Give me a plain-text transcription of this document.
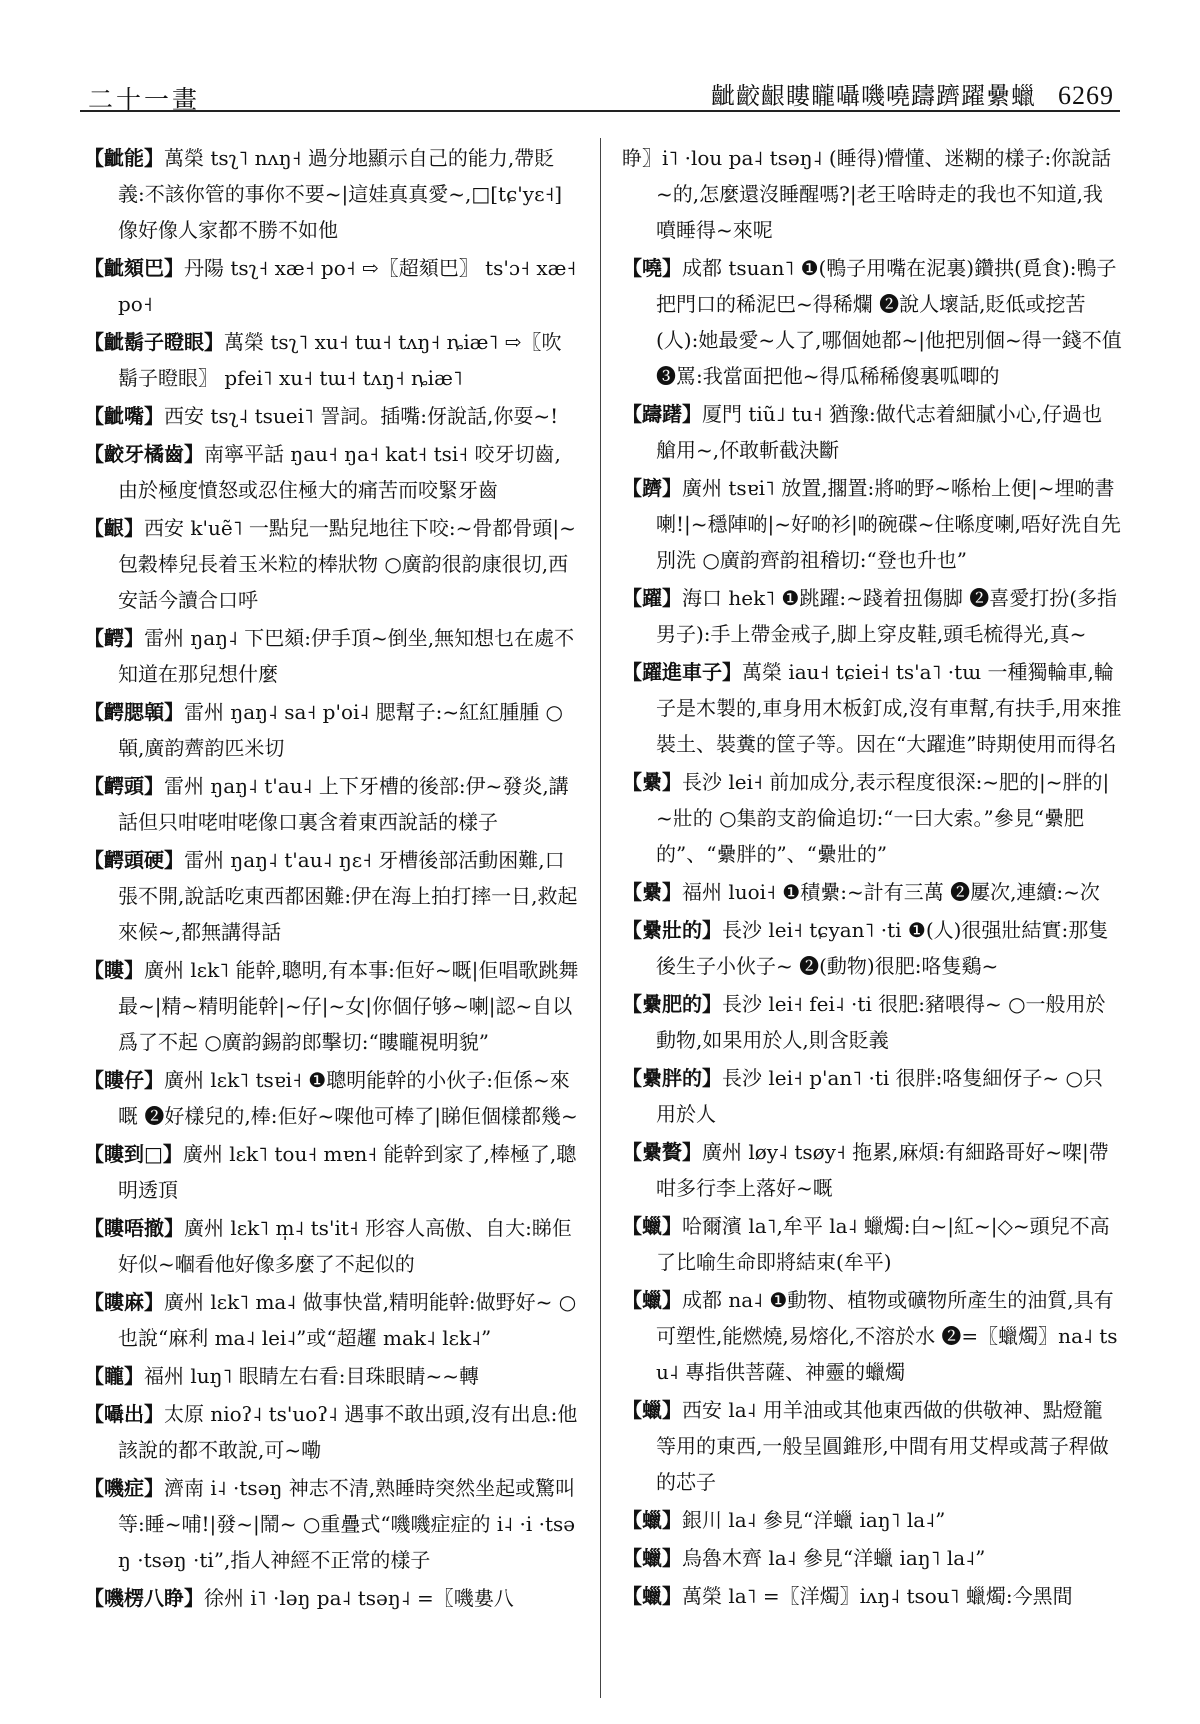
二十一畫	齜齩齦瞜矓囁嘰嘵躊躋躍纍蠟 6269
【齜能】萬榮 tsʅ˥ nʌŋ˧ 過分地顯示自己的能力,帶貶義:不該你管的事你不要~|這娃真真愛~,□[tɕ'yɛ˧]像好像人家都不勝不如他
【齜頦巴】丹陽 tsʅ˧ xæ˧ po˧ ⇨〖超頦巴〗 ts'ɔ˧ xæ˧ po˧
【齜鬍子瞪眼】萬榮 tsʅ˥ xu˧ tɯ˧ tʌŋ˧ ȵiæ˥ ⇨〖吹鬍子瞪眼〗 pfei˥ xu˧ tɯ˧ tʌŋ˧ ȵiæ˥
【齜嘴】西安 tsʅ˨ tsuei˥ 詈詞。插嘴:伢說話,你耍~!
【齩牙橘齒】南寧平話 ŋau˧ ŋa˧ kat˧ tsi˧ 咬牙切齒,由於極度憤怒或忍住極大的痛苦而咬緊牙齒
【齦】西安 k'uẽ˥ 一點兒一點兒地往下咬:~骨都骨頭|~包穀棒兒長着玉米粒的棒狀物 ○廣韵很韵康很切,西安話今讀合口呼
【齶】雷州 ŋaŋ˨ 下巴頦:伊手頂~倒坐,無知想乜在處不知道在那兒想什麼
【齶腮顊】雷州 ŋaŋ˨ sa˧ p'oi˨ 腮幫子:~紅紅腫腫 ○顊,廣韵薺韵匹米切
【齶頭】雷州 ŋaŋ˨ t'au˨ 上下牙槽的後部:伊~發炎,講話但只咁咾咁咾像口裏含着東西說話的樣子
【齶頭硬】雷州 ŋaŋ˨ t'au˨ ŋɛ˧ 牙槽後部活動困難,口張不開,說話吃東西都困難:伊在海上拍打摔一日,救起來候~,都無講得話
【瞜】廣州 lɛk˥ 能幹,聰明,有本事:佢好~嘅|佢唱歌跳舞最~|精~精明能幹|~仔|~女|你個仔够~喇|認~自以爲了不起 ○廣韵錫韵郎擊切:“瞜矓視明貌”
【瞜仔】廣州 lɛk˥ tsɐi˧ ❶聰明能幹的小伙子:佢係~來嘅 ❷好樣兒的,棒:佢好~㗎他可棒了|睇佢個樣都幾~
【瞜到□】廣州 lɛk˥ tou˧ mɐn˧ 能幹到家了,棒極了,聰明透頂
【瞜唔撤】廣州 lɛk˥ m̩˨ ts'it˧ 形容人高傲、自大:睇佢好似~嗰看他好像多麼了不起似的
【瞜麻】廣州 lɛk˥ ma˨ 做事快當,精明能幹:做野好~ ○也說“麻利 ma˨ lei˨”或“超趯 mak˨ lɛk˨”
【矓】福州 luŋ˥ 眼睛左右看:目珠眼睛~~轉
【囁出】太原 nioʔ˨ ts'uoʔ˨ 遇事不敢出頭,沒有出息:他該說的都不敢說,可~嘞
【嘰症】濟南 i˨ ·tsəŋ 神志不清,熟睡時突然坐起或驚叫等:睡~哺!|發~|鬧~ ○重疊式“嘰嘰症症的 i˨ ·i ·tsəŋ ·tsəŋ ·ti”,指人神經不正常的樣子
【嘰楞八睁】徐州 i˥ ·ləŋ pa˨ tsəŋ˨ =〖嘰婁八
睁〗i˥ ·lou pa˨ tsəŋ˨ (睡得)懵懂、迷糊的樣子:你說話~的,怎麼還沒睡醒嗎?|老王啥時走的我也不知道,我噴睡得~來呢
【嘵】成都 tsuan˥ ❶(鴨子用嘴在泥裏)鑽拱(覓食):鴨子把門口的稀泥巴~得稀爛 ❷說人壞話,貶低或挖苦(人):她最愛~人了,哪個她都~|他把別個~得一錢不值 ❸罵:我當面把他~得瓜稀稀傻裏呱唧的
【躊躇】厦門 tiũ˩ tu˧ 猶豫:做代志着細膩小心,仔過也艙用~,伓敢斬截決斷
【躋】廣州 tsɐi˥ 放置,擱置:將啲野~喺枱上便|~埋啲書喇!|~穩陣啲|~好啲衫|啲碗碟~住喺度喇,唔好洗自先別洗 ○廣韵齊韵祖稽切:“登也升也”
【躍】海口 hek˥ ❶跳躍:~踐着扭傷脚 ❷喜愛打扮(多指男子):手上帶金戒子,脚上穿皮鞋,頭毛梳得光,真~
【躍進車子】萬榮 iau˧ tɕiei˧ ts'a˥ ·tɯ 一種獨輪車,輪子是木製的,車身用木板釘成,沒有車幫,有扶手,用來推裝土、裝糞的筐子等。因在“大躍進”時期使用而得名
【纍】長沙 lei˧ 前加成分,表示程度很深:~肥的|~胖的|~壯的 ○集韵支韵倫追切:“一曰大索。”參見“纍肥的”、“纍胖的”、“纍壯的”
【纍】福州 luoi˧ ❶積纍:~計有三萬 ❷屢次,連續:~次
【纍壯的】長沙 lei˧ tɕyan˥ ·ti ❶(人)很强壯結實:那隻後生子小伙子~ ❷(動物)很肥:咯隻鷄~
【纍肥的】長沙 lei˧ fei˨ ·ti 很肥:豬喂得~ ○一般用於動物,如果用於人,則含貶義
【纍胖的】長沙 lei˧ p'an˥ ·ti 很胖:咯隻細伢子~ ○只用於人
【纍贅】廣州 løy˨ tsøy˧ 拖累,麻煩:有細路哥好~㗎|帶咁多行李上落好~嘅
【蠟】哈爾濱 la˥,牟平 la˨ 蠟燭:白~|紅~|◇~頭兒不高了比喻生命即將結束(牟平)
【蠟】成都 na˨ ❶動物、植物或礦物所產生的油質,具有可塑性,能燃燒,易熔化,不溶於水 ❷=〖蠟燭〗na˨ tsu˨ 專指供菩薩、神靈的蠟燭
【蠟】西安 la˨ 用羊油或其他東西做的供敬神、點燈籠等用的東西,一般呈圓錐形,中間有用艾桿或蒿子稈做的芯子
【蠟】銀川 la˨ 參見“洋蠟 iaŋ˥ la˨”
【蠟】烏魯木齊 la˨ 參見“洋蠟 iaŋ˥ la˨”
【蠟】萬榮 la˥ =〖洋燭〗iʌŋ˨ tsou˥ 蠟燭:今黑間
